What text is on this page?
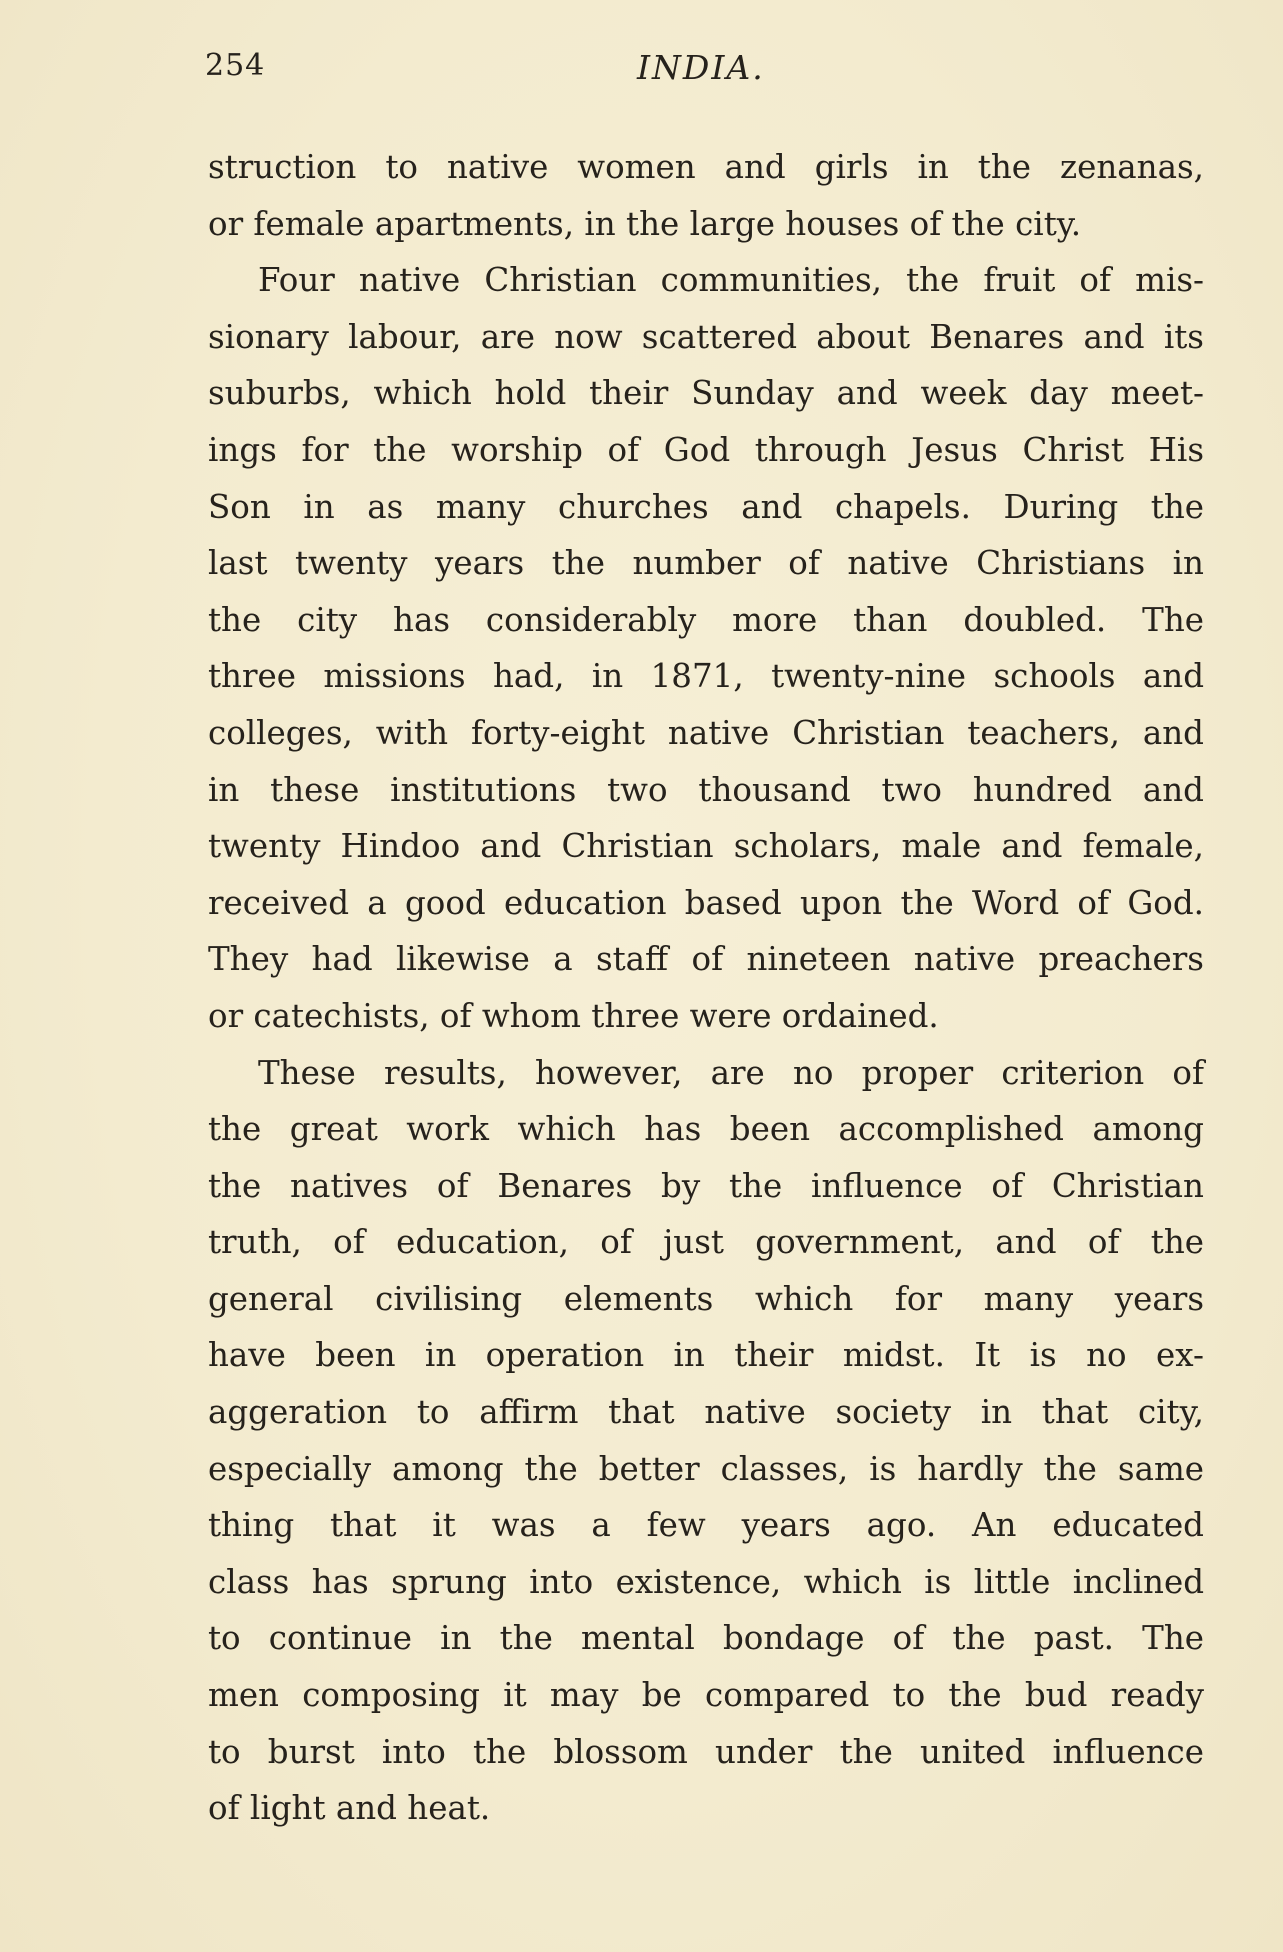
254	INDIA.
struction to native women and girls in the zenanas,
or female apartments, in the large houses of the city.
Four native Christian communities, the fruit of mis-
sionary labour, are now scattered about Benares and its
suburbs, which hold their Sunday and week day meet-
ings for the worship of God through Jesus Christ His
Son in as many churches and chapels. During the
last twenty years the number of native Christians in
the city has considerably more than doubled. The
three missions had, in 1871, twenty-nine schools and
colleges, with forty-eight native Christian teachers, and
in these institutions two thousand two hundred and
twenty Hindoo and Christian scholars, male and female,
received a good education based upon the Word of God.
They had likewise a staff of nineteen native preachers
or catechists, of whom three were ordained.
These results, however, are no proper criterion of
the great work which has been accomplished among
the natives of Benares by the influence of Christian
truth, of education, of just government, and of the
general civilising elements which for many years
have been in operation in their midst. It is no ex-
aggeration to affirm that native society in that city,
especially among the better classes, is hardly the same
thing that it was a few years ago. An educated
class has sprung into existence, which is little inclined
to continue in the mental bondage of the past. The
men composing it may be compared to the bud ready
to burst into the blossom under the united influence
of light and heat.
